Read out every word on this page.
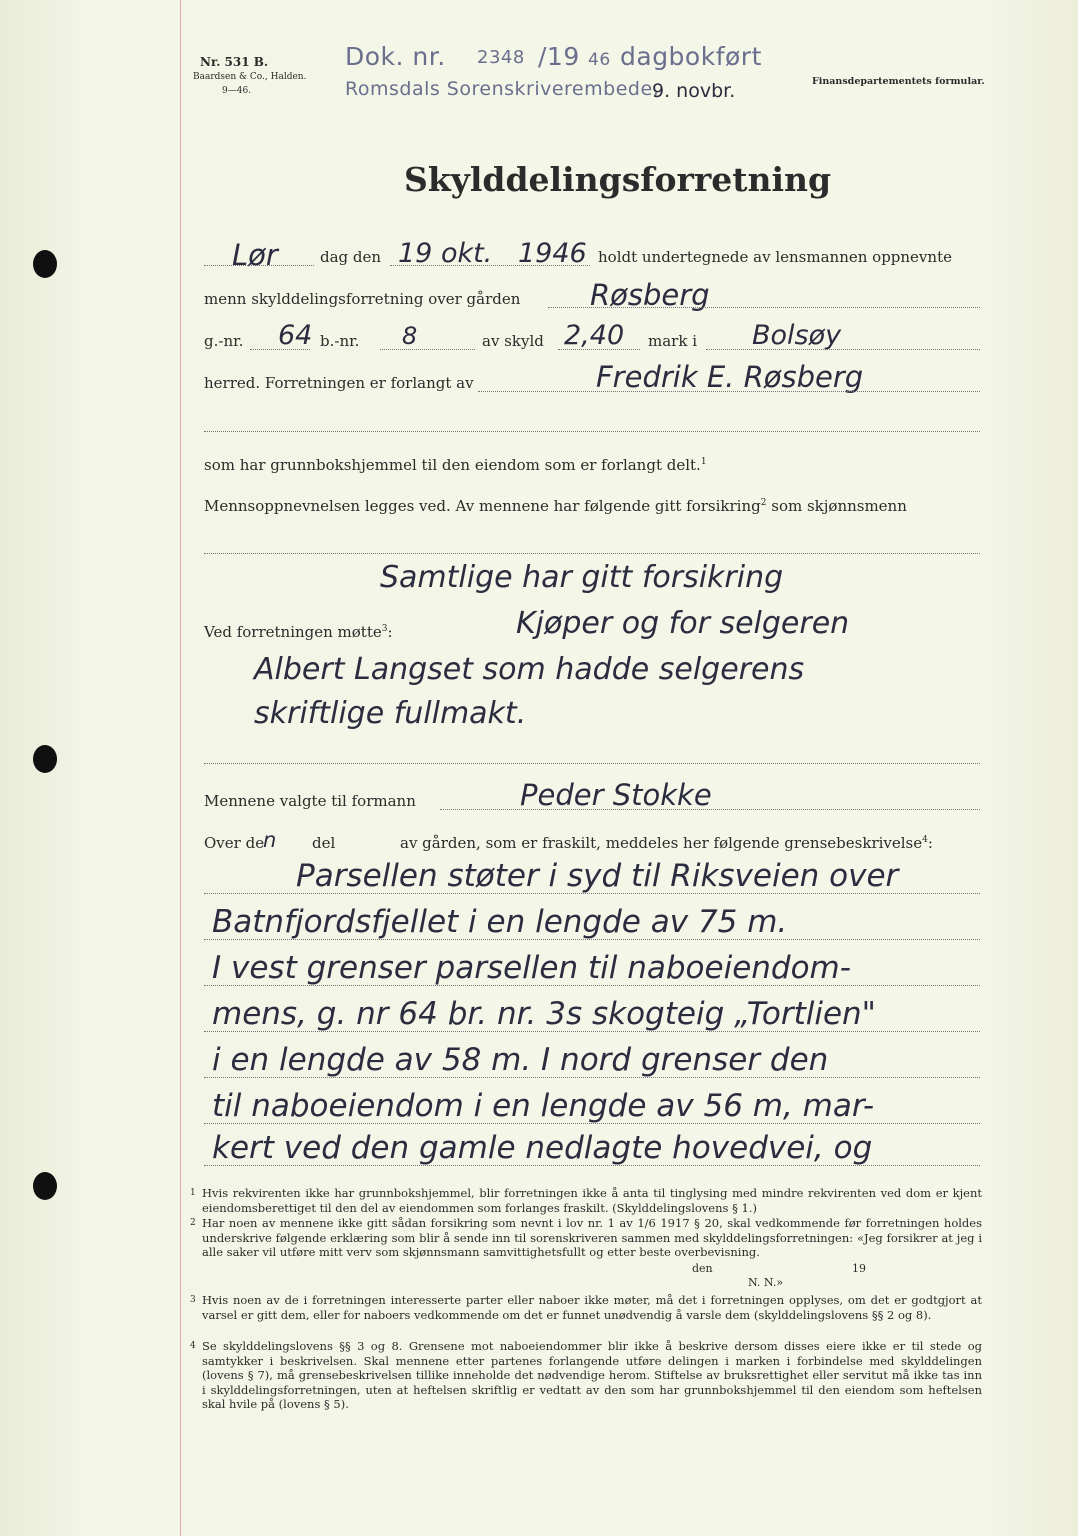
Nr. 531 B.
Baardsen & Co., Halden.
9—46.
Dok. nr. 2348 /19 46 dagbokført
Romsdals Sorenskriverembede,
9. novbr.	Finansdepartementets formular.
Skylddelingsforretning
Lør	dag den 19 okt. 1946 holdt undertegnede av lensmannen oppnevnte
menn skylddelingsforretning over gården Røsberg
g.-nr. 64 b.-nr. 8	av skyld 2,40 mark i Bolsøy
herred. Forretningen er forlangt av	Fredrik E. Røsberg
som har grunnbokshjemmel til den eiendom som er forlangt delt.$^1$
Mennsoppnevnelsen legges ved. Av mennene har følgende gitt forsikring$^2$ som skjønnsmenn
Samtlige har gitt forsikring
Ved forretningen møtte$^3$:	Kjøper og for selgeren
Albert Langset som hadde selgerens
skriftlige fullmakt.
Mennene valgte til formann	Peder Stokke
Over de
n del	av gården, som er fraskilt, meddeles her følgende grensebeskrivelse$^4$:
Parsellen støter i syd til Riksveien over
Batnfjordsfjellet i en lengde av 75 m.
I vest grenser parsellen til naboeiendom-
mens, g. nr 64 br. nr. 3s skogteig „Tortlien"
i en lengde av 58 m. I nord grenser den
til naboeiendom i en lengde av 56 m, mar-
kert ved den gamle nedlagte hovedvei, og
1 Hvis rekvirenten ikke har grunnbokshjemmel, blir forretningen ikke å anta til tinglysing med mindre rekvirenten ved dom er kjent eiendomsberettiget til den del av eiendommen som forlanges fraskilt. (Skylddelingslovens § 1.)

2 Har noen av mennene ikke gitt sådan forsikring som nevnt i lov nr. 1 av 1/6 1917 § 20, skal vedkommende før forretningen holdes underskrive følgende erklæring som blir å sende inn til sorenskriveren sammen med skylddelingsforretningen: «Jeg forsikrer at jeg i alle saker vil utføre mitt verv som skjønnsmann samvittighetsfullt og etter beste overbevisning.

den	19
N. N.»
3 Hvis noen av de i forretningen interesserte parter eller naboer ikke møter, må det i forretningen opplyses, om det er godtgjort at varsel er gitt dem, eller for naboers vedkommende om det er funnet unødvendig å varsle dem (skylddelingslovens §§ 2 og 8).

4 Se skylddelingslovens §§ 3 og 8. Grensene mot naboeiendommer blir ikke å beskrive dersom disses eiere ikke er til stede og samtykker i beskrivelsen. Skal mennene etter partenes forlangende utføre delingen i marken i forbindelse med skylddelingen (lovens § 7), må grensebeskrivelsen tillike inneholde det nødvendige herom. Stiftelse av bruksrettighet eller servitut må ikke tas inn i skylddelingsforretningen, uten at heftelsen skriftlig er vedtatt av den som har grunnbokshjemmel til den eiendom som heftelsen skal hvile på (lovens § 5).
